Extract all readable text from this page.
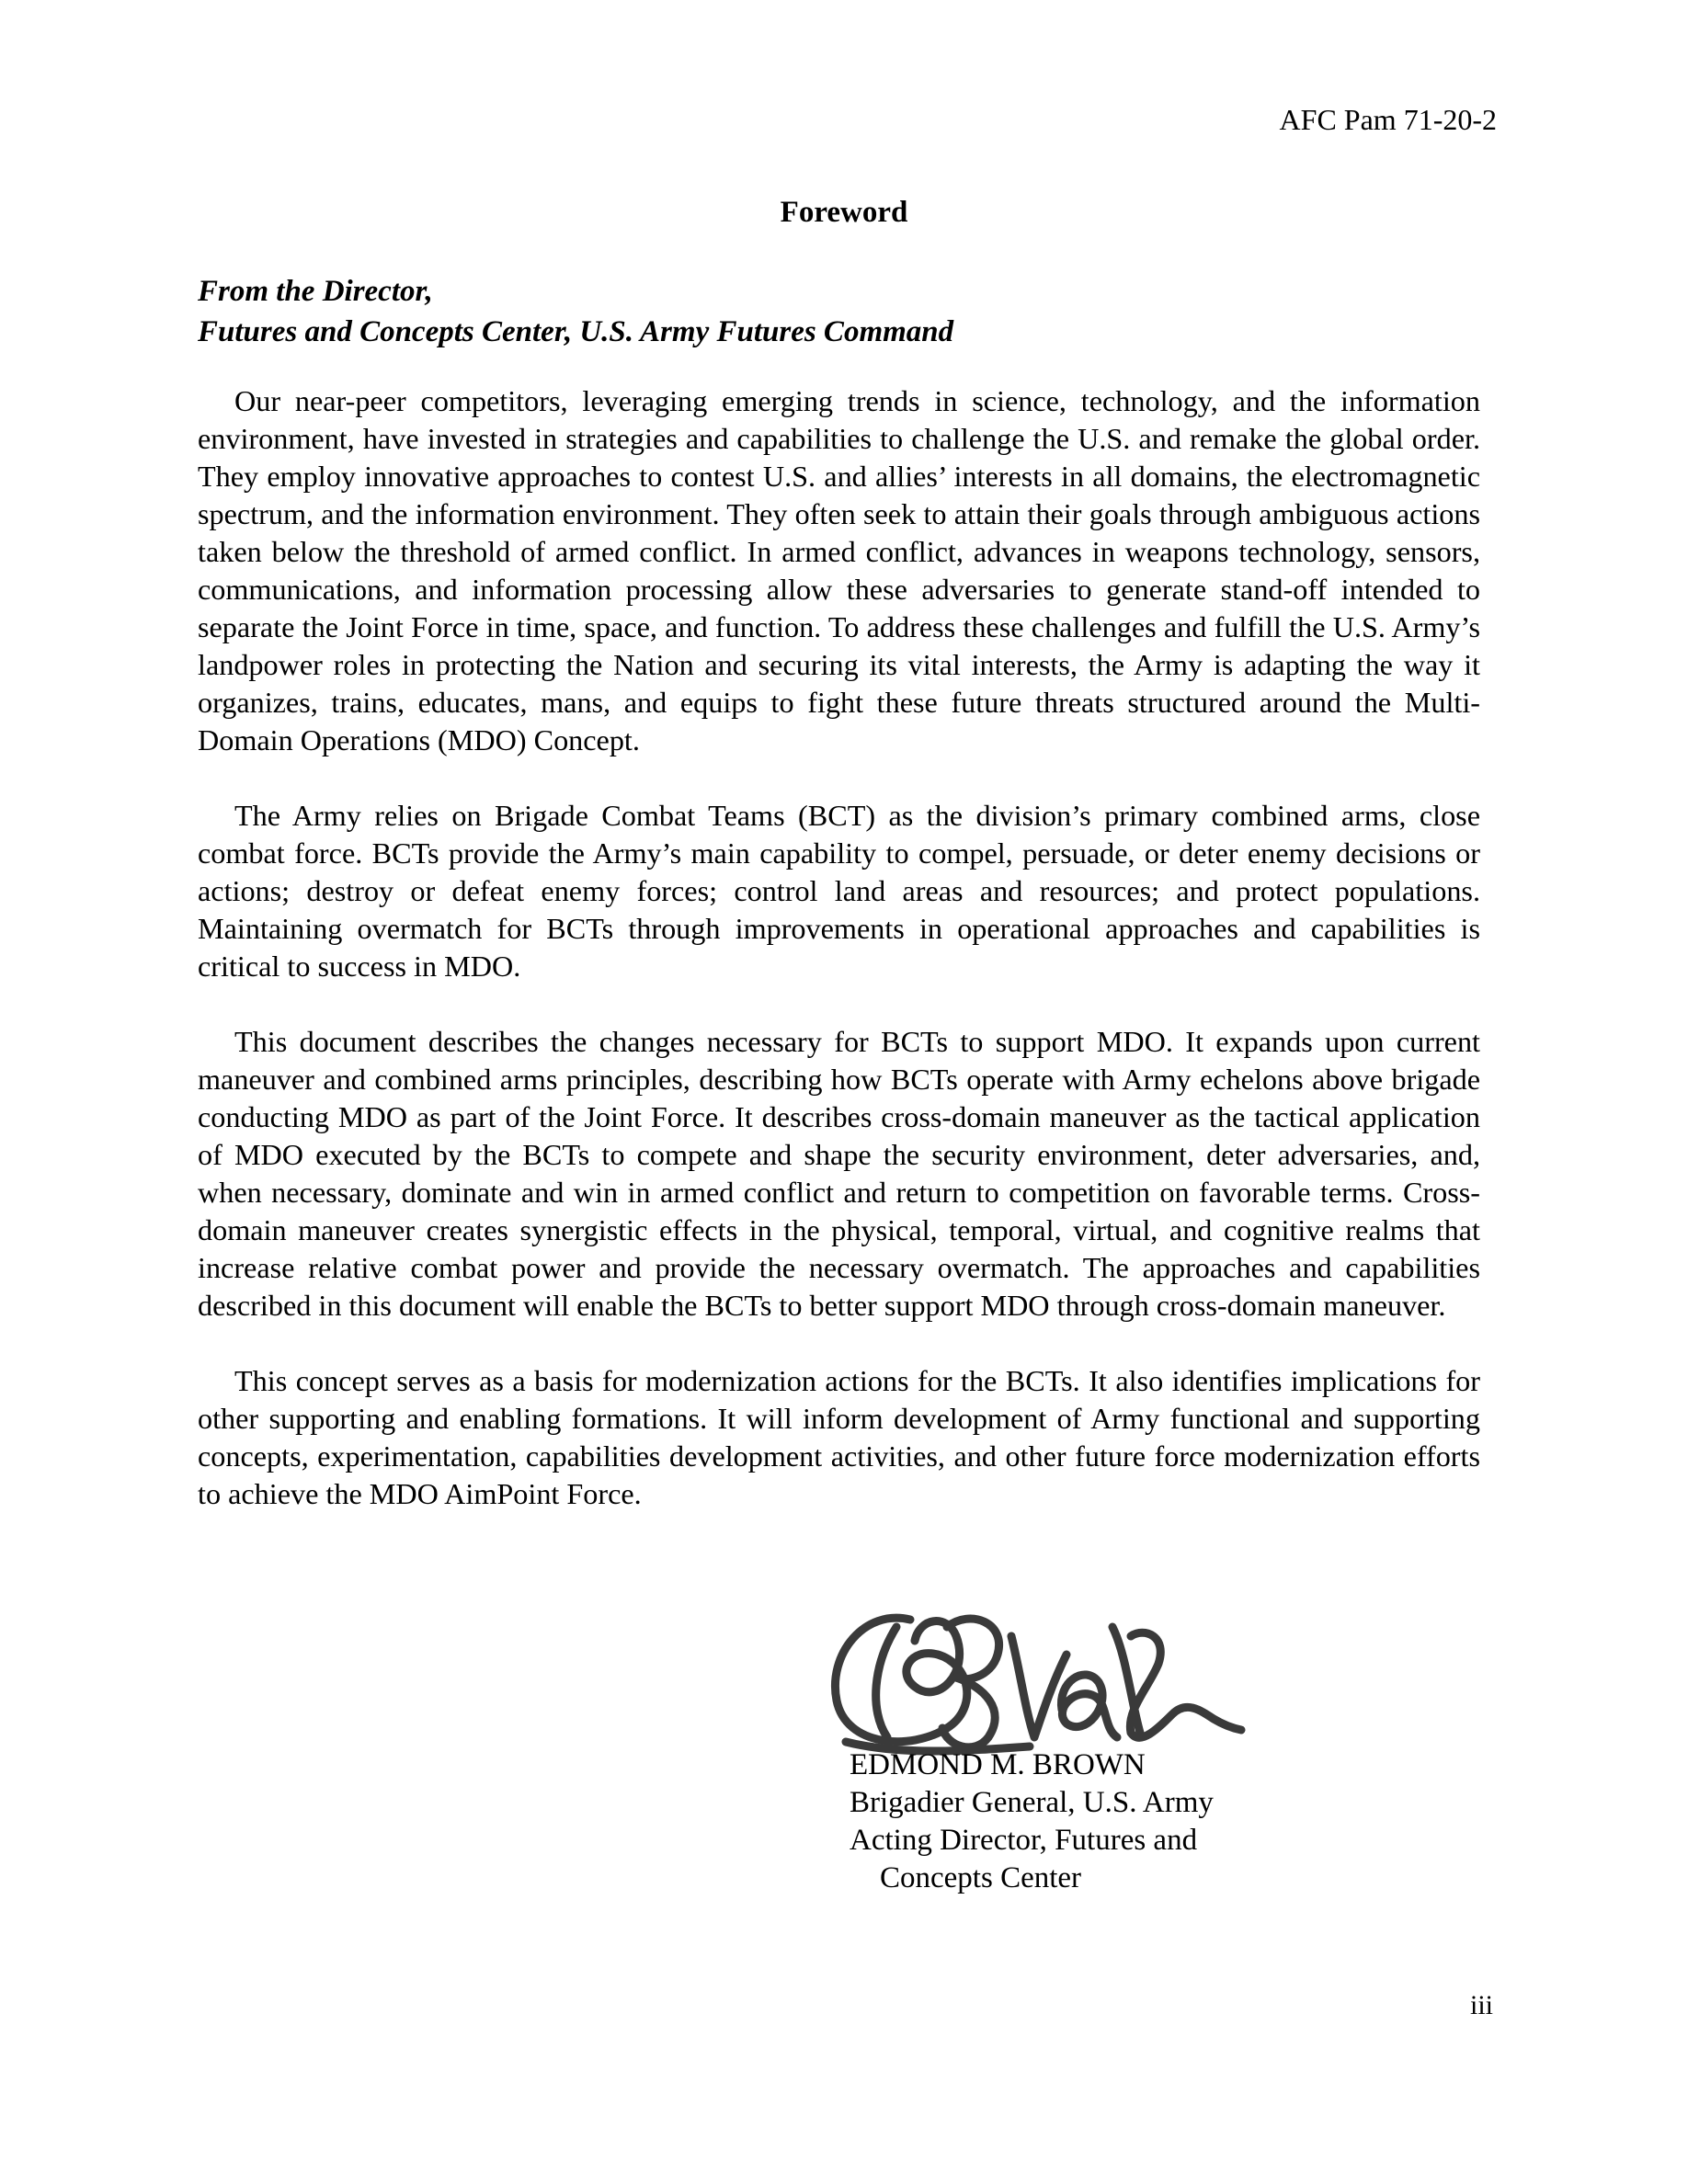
AFC Pam 71-20-2
Foreword
From the Director,
Futures and Concepts Center, U.S. Army Futures Command

Our near-peer competitors, leveraging emerging trends in science, technology, and the information environment, have invested in strategies and capabilities to challenge the U.S. and remake the global order. They employ innovative approaches to contest U.S. and allies’ interests in all domains, the electromagnetic spectrum, and the information environment. They often seek to attain their goals through ambiguous actions taken below the threshold of armed conflict. In armed conflict, advances in weapons technology, sensors, communications, and information processing allow these adversaries to generate stand-off intended to separate the Joint Force in time, space, and function. To address these challenges and fulfill the U.S. Army’s landpower roles in protecting the Nation and securing its vital interests, the Army is adapting the way it organizes, trains, educates, mans, and equips to fight these future threats structured around the Multi-Domain Operations (MDO) Concept.

The Army relies on Brigade Combat Teams (BCT) as the division’s primary combined arms, close combat force. BCTs provide the Army’s main capability to compel, persuade, or deter enemy decisions or actions; destroy or defeat enemy forces; control land areas and resources; and protect populations. Maintaining overmatch for BCTs through improvements in operational approaches and capabilities is critical to success in MDO.

This document describes the changes necessary for BCTs to support MDO. It expands upon current maneuver and combined arms principles, describing how BCTs operate with Army echelons above brigade conducting MDO as part of the Joint Force. It describes cross-domain maneuver as the tactical application of MDO executed by the BCTs to compete and shape the security environment, deter adversaries, and, when necessary, dominate and win in armed conflict and return to competition on favorable terms. Cross-domain maneuver creates synergistic effects in the physical, temporal, virtual, and cognitive realms that increase relative combat power and provide the necessary overmatch. The approaches and capabilities described in this document will enable the BCTs to better support MDO through cross-domain maneuver.

This concept serves as a basis for modernization actions for the BCTs. It also identifies implications for other supporting and enabling formations. It will inform development of Army functional and supporting concepts, experimentation, capabilities development activities, and other future force modernization efforts to achieve the MDO AimPoint Force.

EDMOND M. BROWN
Brigadier General, U.S. Army
Acting Director, Futures and
Concepts Center
iii
